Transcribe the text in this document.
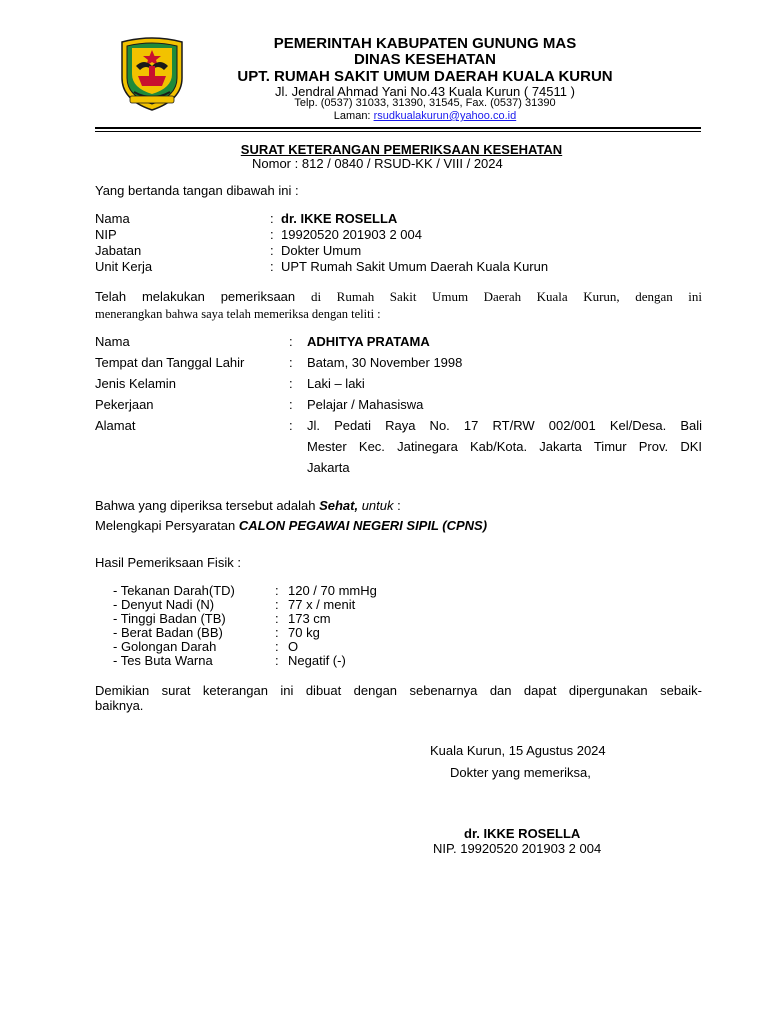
PEMERINTAH KABUPATEN GUNUNG MAS
DINAS KESEHATAN
UPT. RUMAH SAKIT UMUM DAERAH KUALA KURUN
Jl. Jendral Ahmad Yani No.43 Kuala Kurun ( 74511 )
Telp. (0537) 31033, 31390, 31545, Fax. (0537) 31390
Laman: rsudkualakurun@yahoo.co.id
SURAT KETERANGAN PEMERIKSAAN KESEHATAN
Nomor : 812 / 0840 / RSUD-KK / VIII / 2024
Yang bertanda tangan dibawah ini :
Nama	: dr. IKKE ROSELLA
NIP	: 19920520 201903 2 004
Jabatan	: Dokter Umum
Unit Kerja	: UPT Rumah Sakit Umum Daerah Kuala Kurun
Telah melakukan pemeriksaan di Rumah Sakit Umum Daerah Kuala Kurun, dengan ini
menerangkan bahwa saya telah memeriksa dengan teliti :
Nama	: ADHITYA PRATAMA
Tempat dan Tanggal Lahir	: Batam, 30 November 1998
Jenis Kelamin	: Laki – laki
Pekerjaan	: Pelajar / Mahasiswa
Alamat	: Jl. Pedati Raya No. 17 RT/RW 002/001 Kel/Desa. Bali
Mester Kec. Jatinegara Kab/Kota. Jakarta Timur Prov. DKI
Jakarta
Bahwa yang diperiksa tersebut adalah Sehat, untuk :
Melengkapi Persyaratan CALON PEGAWAI NEGERI SIPIL (CPNS)
Hasil Pemeriksaan Fisik :
- Tekanan Darah(TD)	: 120 / 70 mmHg
- Denyut Nadi (N)	: 77 x / menit
- Tinggi Badan (TB)	: 173 cm
- Berat Badan (BB)	: 70 kg
- Golongan Darah	: O
- Tes Buta Warna	: Negatif (-)
Demikian surat keterangan ini dibuat dengan sebenarnya dan dapat dipergunakan sebaik-
baiknya.
Kuala Kurun, 15 Agustus 2024
Dokter yang memeriksa,
dr. IKKE ROSELLA
NIP. 19920520 201903 2 004
